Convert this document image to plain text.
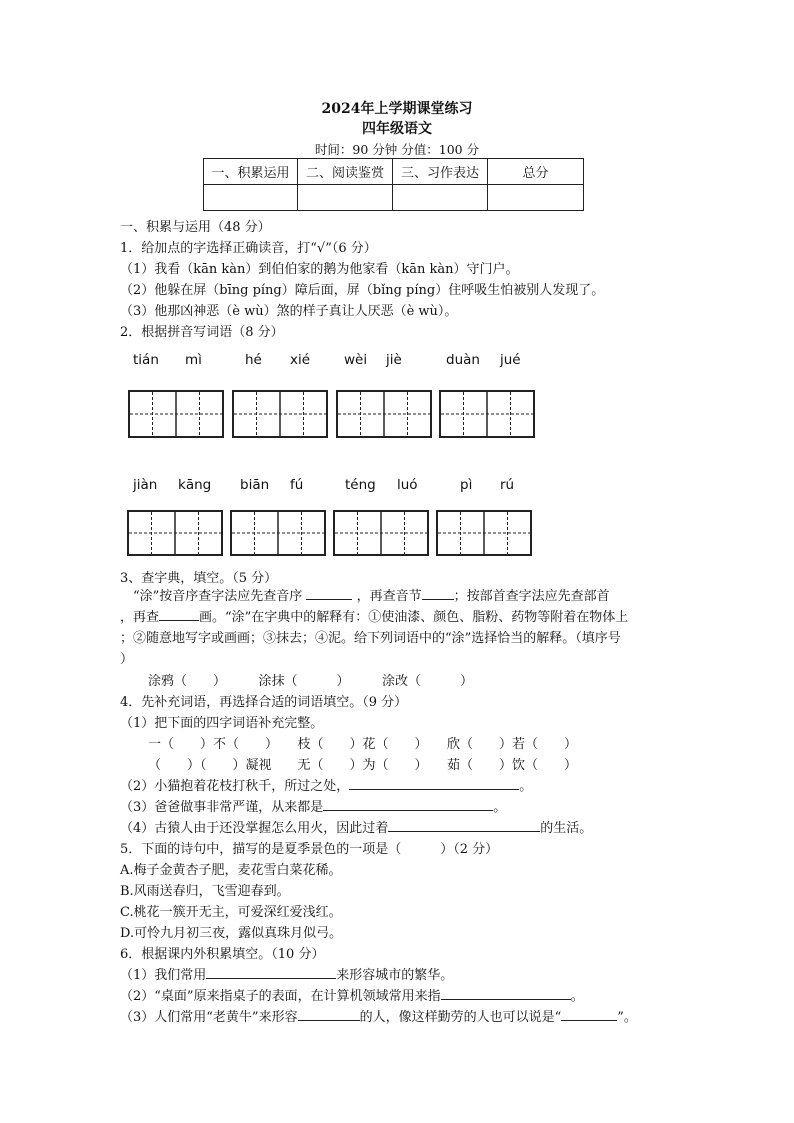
2024年上学期课堂练习
四年级语文
时间：90 分钟 分值：100 分
一、积累运用	二、阅读鉴赏	三、习作表达	总分

一、积累与运用（48 分）
1．给加点的字选择正确读音，打“√”（6 分）
（1）我看（kān kàn）到伯伯家的鹅为他家看（kān kàn）守门户。
（2）他躲在屏（bīng píng）障后面，屏（bǐng píng）住呼吸生怕被别人发现了。
（3）他那凶神恶（è wù）煞的样子真让人厌恶（è wù）。
2．根据拼音写词语（8 分）
tián mì	hé xié	wèi jiè	duàn jué
jiàn kāng biān fú	téng luó	pì rú
3、查字典，填空。（5 分）
 “涂”按音序查字法应先查音序	，再查音节 ；按部首查字法应先查部首
，再查	画。“涂”在字典中的解释有：①使油漆、颜色、脂粉、药物等附着在物体上
；②随意地写字或画画；③抹去；④泥。给下列词语中的“涂”选择恰当的解释。（填序号
）
涂鸦（　　）　　　涂抹（　　　）　　　涂改（　　　）
4．先补充词语，再选择合适的词语填空。（9 分）
（1）把下面的四字词语补充完整。
一（　　）不（　　）　　枝（　　）花（　　）　　欣（　　）若（　　）
（　　）（　　）凝视　　无（　　）为（　　）　　茹（　　）饮（　　）
（2）小猫抱着花枝打秋千，所过之处，	。
（3）爸爸做事非常严谨，从来都是	。
（4）古猿人由于还没掌握怎么用火，因此过着	的生活。
5．下面的诗句中，描写的是夏季景色的一项是（　　　）（2 分）
A.梅子金黄杏子肥，麦花雪白菜花稀。
B.风雨送春归，飞雪迎春到。
C.桃花一簇开无主，可爱深红爱浅红。
D.可怜九月初三夜，露似真珠月似弓。
6．根据课内外积累填空。（10 分）
（1）我们常用	来形容城市的繁华。
（2）“桌面”原来指桌子的表面，在计算机领域常用来指	。
（3）人们常用“老黄牛”来形容	的人，像这样勤劳的人也可以说是“	”。
